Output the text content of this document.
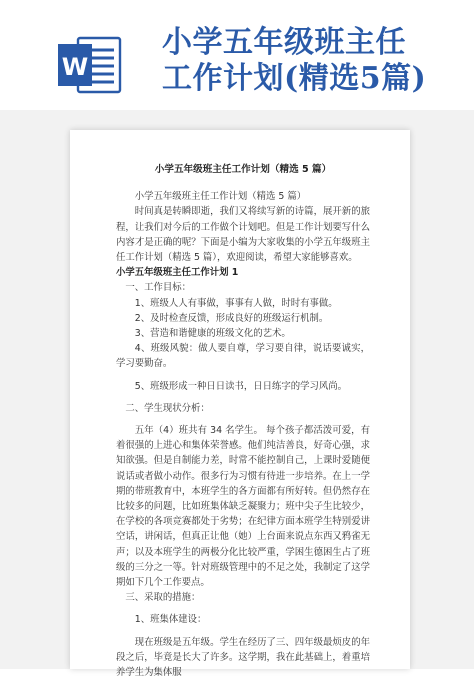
W
小学五年级班主任
工作计划(精选5篇)
小学五年级班主任工作计划（精选 5 篇）

小学五年级班主任工作计划（精选 5 篇）

时间真是转瞬即逝，我们又将续写新的诗篇，展开新的旅程，让我们对今后的工作做个计划吧。但是工作计划要写什么内容才是正确的呢？下面是小编为大家收集的小学五年级班主任工作计划（精选 5 篇），欢迎阅读，希望大家能够喜欢。

小学五年级班主任工作计划 1

一、工作目标：

1、班级人人有事做，事事有人做，时时有事做。

2、及时检查反馈，形成良好的班级运行机制。

3、营造和谐健康的班级文化的艺术。

4、班级风貌：做人要自尊，学习要自律，说话要诚实，学习要勤奋。

5、班级形成一种日日读书，日日练字的学习风尚。

二、学生现状分析：

五年（4）班共有 34 名学生。 每个孩子都活泼可爱，有着很强的上进心和集体荣誉感。他们纯洁善良，好奇心强，求知欲强。但是自制能力差，时常不能控制自己，上课时爱随便说话或者做小动作。很多行为习惯有待进一步培养。在上一学期的带班教育中，本班学生的各方面都有所好转。但仍然存在比较多的问题，比如班集体缺乏凝聚力；班中尖子生比较少，在学校的各项竞赛都处于劣势；在纪律方面本班学生特别爱讲空话，讲闲话，但真正让他（她）上台面来说点东西又鸦雀无声；以及本班学生的两极分化比较严重，学困生德困生占了班级的三分之一等。针对班级管理中的不足之处，我制定了这学期如下几个工作要点。

三、采取的措施：

1、班集体建设：

现在班级是五年级。学生在经历了三、四年级最烦皮的年段之后，毕竟是长大了许多。这学期，我在此基础上，着重培养学生为集体服
